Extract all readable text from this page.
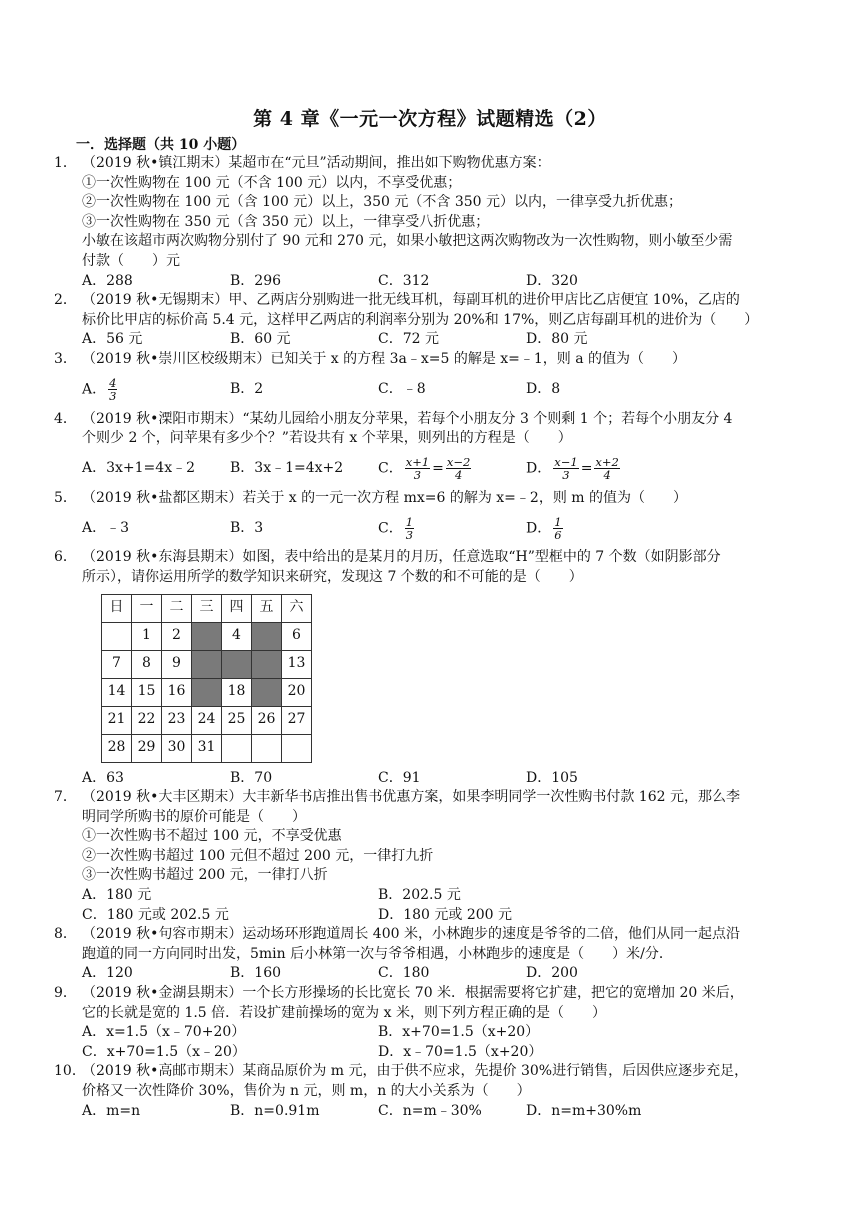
第 4 章《一元一次方程》试题精选（2）
一．选择题（共 10 小题）
1． （2019 秋•镇江期末）某超市在“元旦”活动期间，推出如下购物优惠方案：
①一次性购物在 100 元（不含 100 元）以内，不享受优惠；
②一次性购物在 100 元（含 100 元）以上，350 元（不含 350 元）以内，一律享受九折优惠；
③一次性购物在 350 元（含 350 元）以上，一律享受八折优惠；
小敏在该超市两次购物分别付了 90 元和 270 元，如果小敏把这两次购物改为一次性购物，则小敏至少需
付款（　　）元
A．288	B．296	C．312	D．320
2． （2019 秋•无锡期末）甲、乙两店分别购进一批无线耳机，每副耳机的进价甲店比乙店便宜 10%，乙店的
标价比甲店的标价高 5.4 元，这样甲乙两店的利润率分别为 20%和 17%，则乙店每副耳机的进价为（　　）
A．56 元	B．60 元	C．72 元	D．80 元
3． （2019 秋•崇川区校级期末）已知关于 x 的方程 3a﹣x=5 的解是 x=﹣1，则 a 的值为（　　）
A． $\frac{4}{3}$	B．2	C．﹣8	D．8
4． （2019 秋•溧阳市期末）“某幼儿园给小朋友分苹果，若每个小朋友分 3 个则剩 1 个；若每个小朋友分 4
个则少 2 个，问苹果有多少个？”若设共有 x 个苹果，则列出的方程是（　　）
A．3x+1=4x﹣2	B．3x﹣1=4x+2	C． $\frac{x+1}{3} = \frac{x-2}{4}$	D． $\frac{x-1}{3} = \frac{x+2}{4}$
5． （2019 秋•盐都区期末）若关于 x 的一元一次方程 mx=6 的解为 x=﹣2，则 m 的值为（　　）
A．﹣3	B．3	C． $\frac{1}{3}$	D． $\frac{1}{6}$
6． （2019 秋•东海县期末）如图，表中给出的是某月的月历，任意选取“H”型框中的 7 个数（如阴影部分
所示），请你运用所学的数学知识来研究，发现这 7 个数的和不可能的是（　　）
日	一	二	三	四	五	六
	1	2		4		6
7	8	9				13
14	15	16		18		20
21	22	23	24	25	26	27
28	29	30	31			
A．63	B．70	C．91	D．105
7． （2019 秋•大丰区期末）大丰新华书店推出售书优惠方案，如果李明同学一次性购书付款 162 元，那么李
明同学所购书的原价可能是（　　）
①一次性购书不超过 100 元，不享受优惠
②一次性购书超过 100 元但不超过 200 元，一律打九折
③一次性购书超过 200 元，一律打八折
A．180 元	B．202.5 元
C．180 元或 202.5 元	D．180 元或 200 元
8． （2019 秋•句容市期末）运动场环形跑道周长 400 米，小林跑步的速度是爷爷的二倍，他们从同一起点沿
跑道的同一方向同时出发，5min 后小林第一次与爷爷相遇，小林跑步的速度是（　　）米/分．
A．120	B．160	C．180	D．200
9． （2019 秋•金湖县期末）一个长方形操场的长比宽长 70 米．根据需要将它扩建，把它的宽增加 20 米后，
它的长就是宽的 1.5 倍．若设扩建前操场的宽为 x 米，则下列方程正确的是（　　）
A．x=1.5（x﹣70+20）	B．x+70=1.5（x+20）
C．x+70=1.5（x﹣20）	D．x﹣70=1.5（x+20）
10．
（2019 秋•高邮市期末）某商品原价为 m 元，由于供不应求，先提价 30%进行销售，后因供应逐步充足，
价格又一次性降价 30%，售价为 n 元，则 m，n 的大小关系为（　　）
A．m=n	B．n=0.91m	C．n=m﹣30%	D．n=m+30%m
